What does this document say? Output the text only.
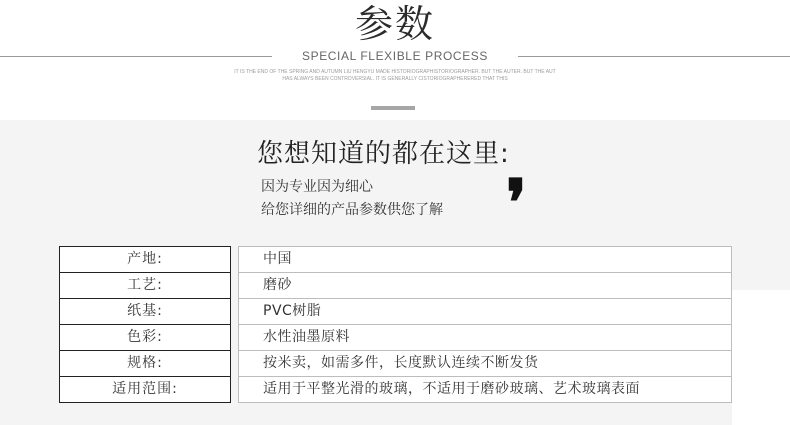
参数
SPECIAL FLEXIBLE PROCESS
IT IS THE END OF THE SPRING AND AUTUMN LIU HENGYU MADE HISTORIOGRAPHISTORIOGRAPHER. BUT THE AUTER. BUT THE AUT
HAS ALWAYS BEEN CONTROVERSIAL. IT IS GENERALLY CISTORIOGRAPHERERED THAT THIS
您想知道的都在这里:
因为专业因为细心
给您详细的产品参数供您了解 ❜
产地:
工艺:
纸基:
色彩:
规格:
适用范围:
中国
磨砂
PVC树脂
水性油墨原料
按米卖，如需多件，长度默认连续不断发货
适用于平整光滑的玻璃，不适用于磨砂玻璃、艺术玻璃表面
